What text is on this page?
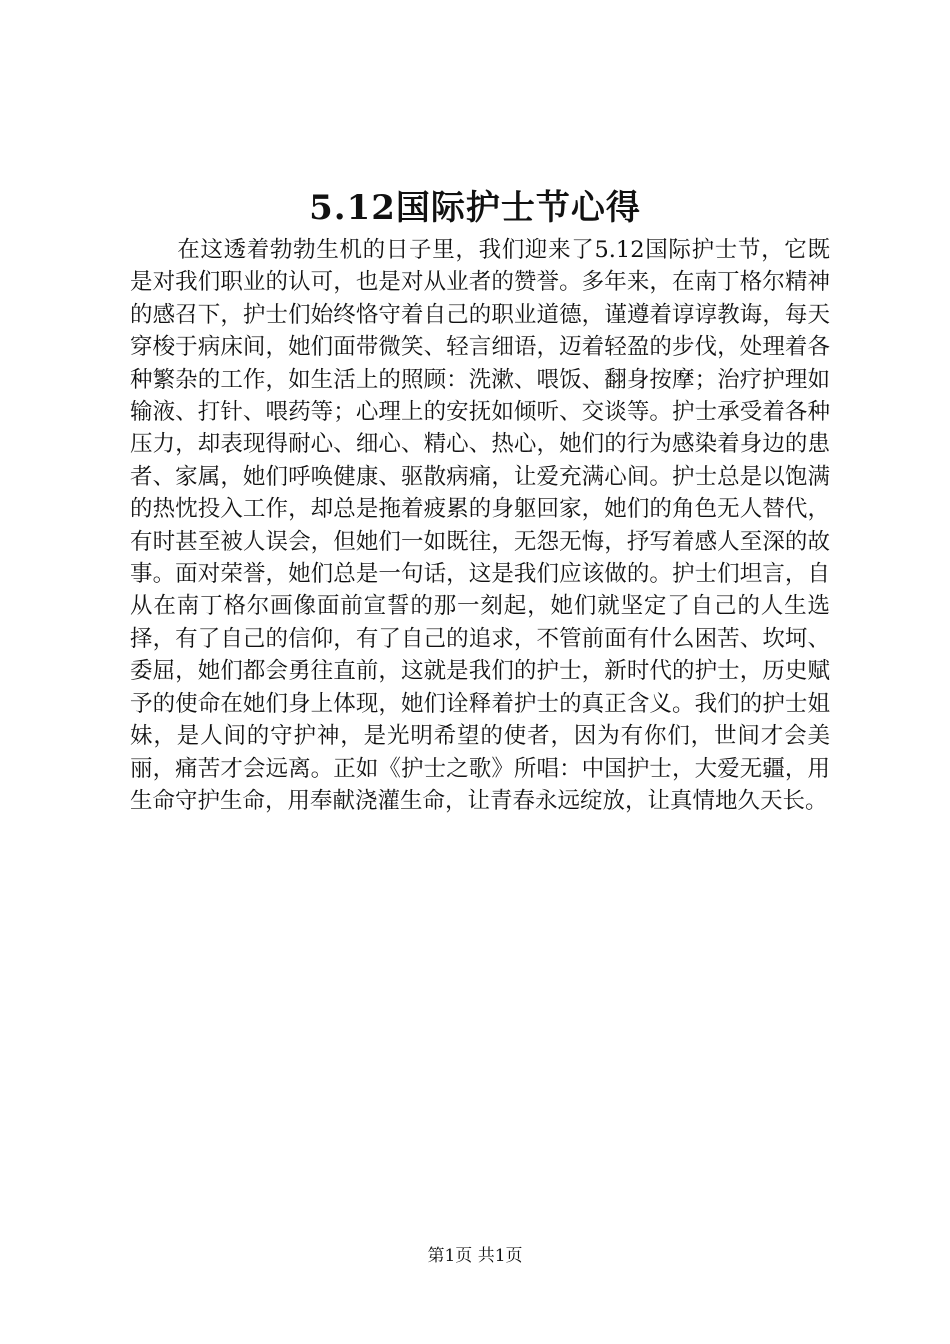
5.12国际护士节心得

在这透着勃勃生机的日子里，我们迎来了5.12国际护士节，它既是对我们职业的认可，也是对从业者的赞誉。多年来，在南丁格尔精神的感召下，护士们始终恪守着自己的职业道德，谨遵着谆谆教诲，每天穿梭于病床间，她们面带微笑、轻言细语，迈着轻盈的步伐，处理着各种繁杂的工作，如生活上的照顾：洗漱、喂饭、翻身按摩；治疗护理如输液、打针、喂药等；心理上的安抚如倾听、交谈等。护士承受着各种压力，却表现得耐心、细心、精心、热心，她们的行为感染着身边的患者、家属，她们呼唤健康、驱散病痛，让爱充满心间。护士总是以饱满的热忱投入工作，却总是拖着疲累的身躯回家，她们的角色无人替代，有时甚至被人误会，但她们一如既往，无怨无悔，抒写着感人至深的故事。面对荣誉，她们总是一句话，这是我们应该做的。护士们坦言，自从在南丁格尔画像面前宣誓的那一刻起，她们就坚定了自己的人生选择，有了自己的信仰，有了自己的追求，不管前面有什么困苦、坎坷、委屈，她们都会勇往直前，这就是我们的护士，新时代的护士，历史赋予的使命在她们身上体现，她们诠释着护士的真正含义。我们的护士姐妹，是人间的守护神，是光明希望的使者，因为有你们，世间才会美丽，痛苦才会远离。正如《护士之歌》所唱：中国护士，大爱无疆，用生命守护生命，用奉献浇灌生命，让青春永远绽放，让真情地久天长。

第1页 共1页
